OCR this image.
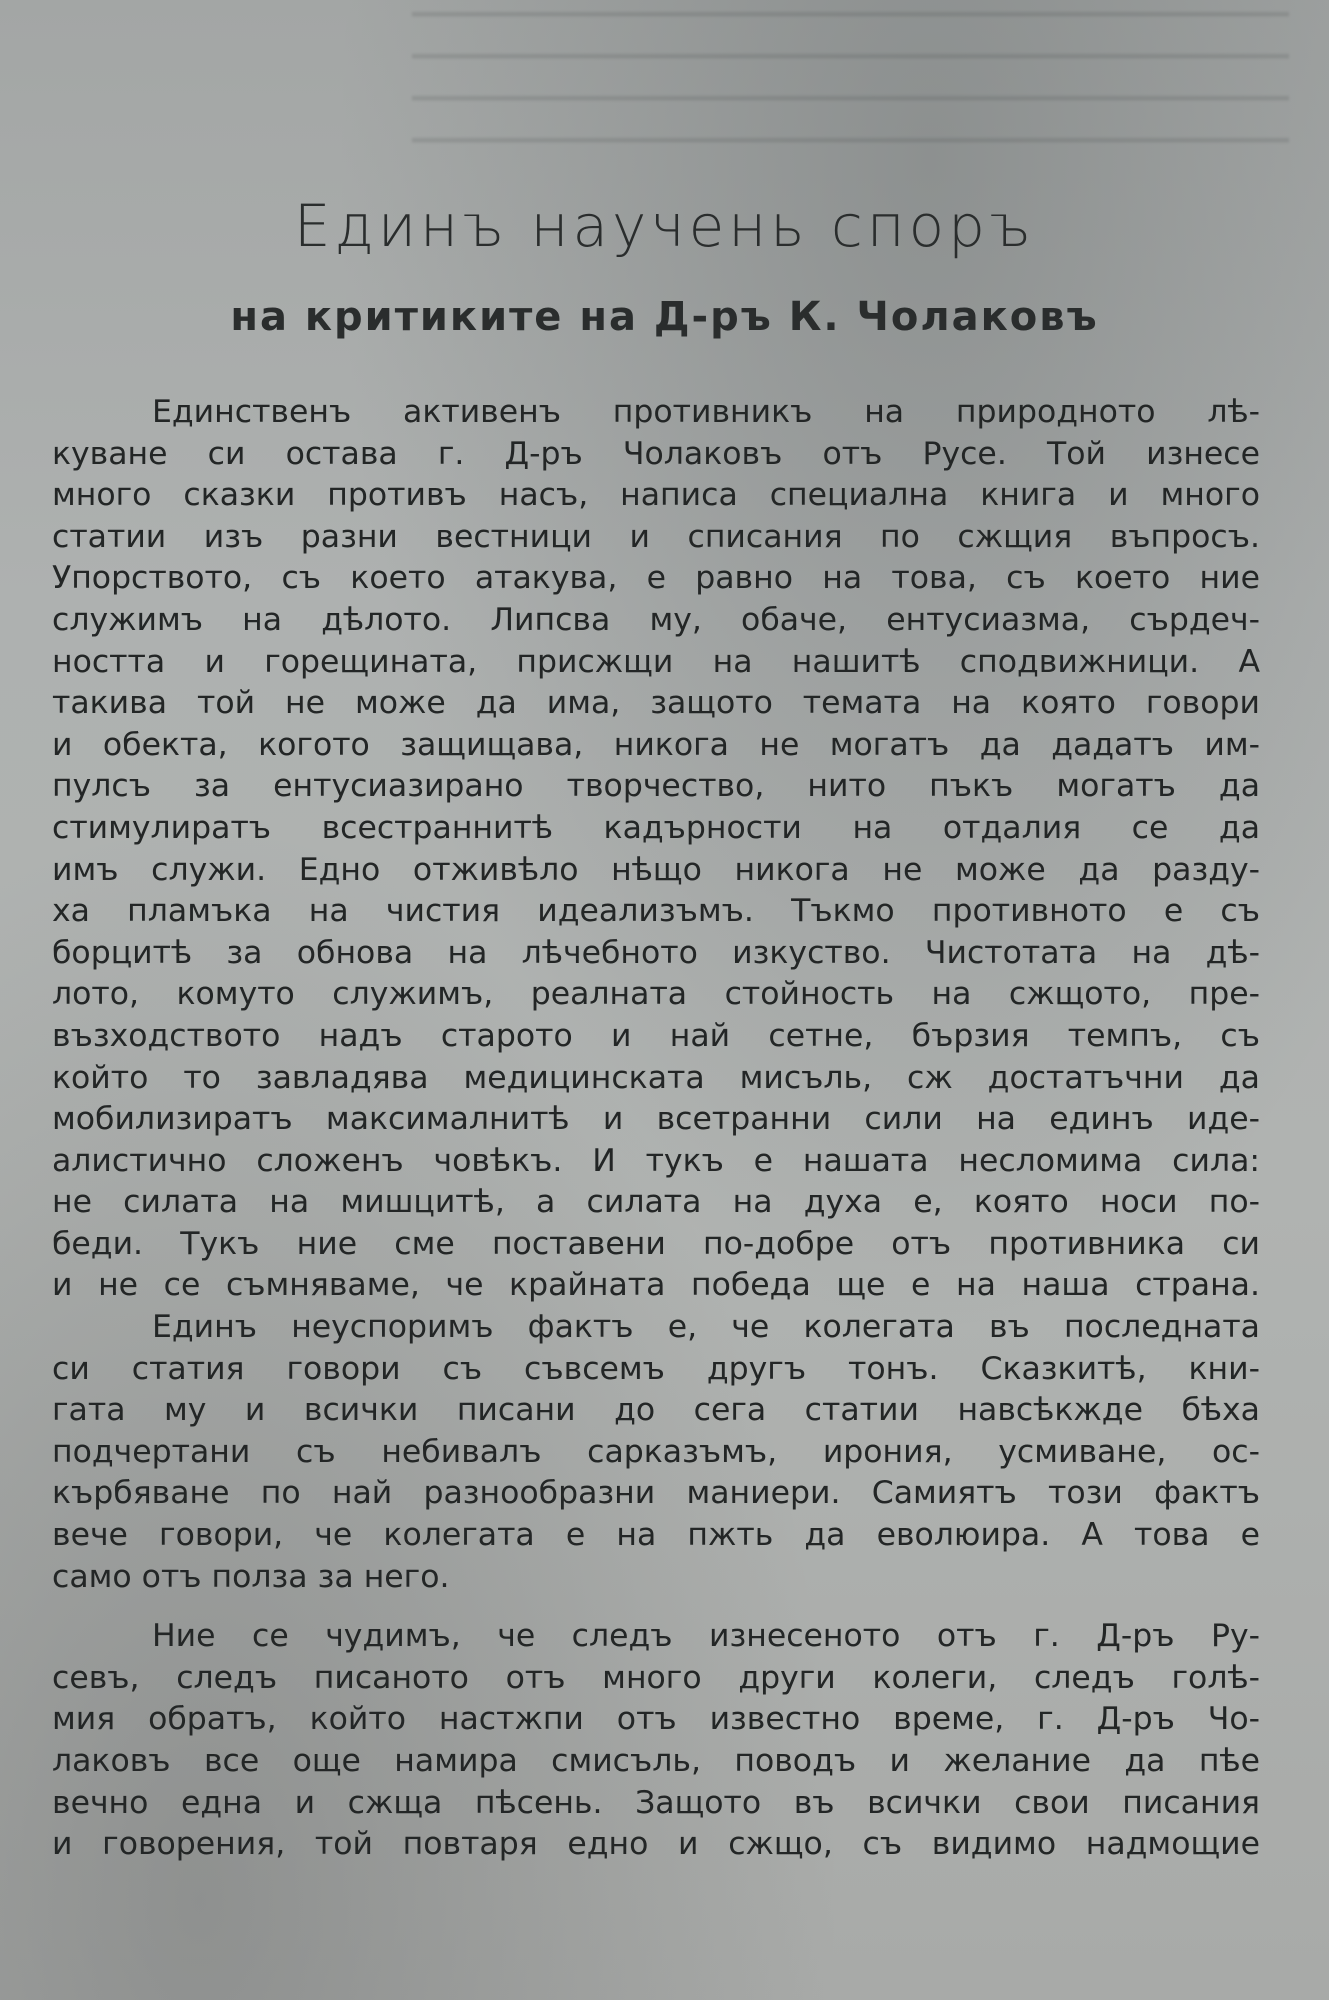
▔▔▔▔▔▔▔▔▔▔▔▔▔▔▔▔▔▔▔▔▔▔▔▔▔▔▔▔▔▔▔▔▔▔▔▔▔▔
▔▔▔▔▔▔▔▔▔▔▔▔▔▔▔▔▔▔▔▔▔▔▔▔▔▔▔▔▔▔▔▔▔▔▔▔▔▔
▔▔▔▔▔▔▔▔▔▔▔▔▔▔▔▔▔▔▔▔▔▔▔▔▔▔▔▔▔▔▔▔▔▔▔▔▔▔
▔▔▔▔▔▔▔▔▔▔▔▔▔▔▔▔▔▔▔▔▔▔▔▔▔▔▔▔▔▔▔▔▔▔▔▔▔▔
Единъ научень споръ
на критиките на Д-ръ К. Чолаковъ
Единственъ активенъ противникъ на природното лѣ-
куване си остава г. Д-ръ Чолаковъ отъ Русе. Той изнесе
много сказки противъ насъ, написа специална книга и много
статии изъ разни вестници и списания по сжщия въпросъ.
Упорството, съ което атакува, е равно на това, съ което ние
служимъ на дѣлото. Липсва му, обаче, ентусиазма, сърдеч-
ността и горещината, присжщи на нашитѣ сподвижници. А
такива той не може да има, защото темата на която говори
и обекта, когото защищава, никога не могатъ да дадатъ им-
пулсъ за ентусиазирано творчество, нито пъкъ могатъ да
стимулиратъ всестраннитѣ кадърности на отдалия се да
имъ служи. Едно отживѣло нѣщо никога не може да разду-
ха пламъка на чистия идеализъмъ. Тъкмо противното е съ
борцитѣ за обнова на лѣчебното изкуство. Чистотата на дѣ-
лото, комуто служимъ, реалната стойность на сжщото, пре-
възходството надъ старото и най сетне, бързия темпъ, съ
който то завладява медицинската мисъль, сж достатъчни да
мобилизиратъ максималнитѣ и всетранни сили на единъ иде-
алистично сложенъ човѣкъ. И тукъ е нашата несломима сила:
не силата на мишцитѣ, а силата на духа е, която носи по-
беди. Тукъ ние сме поставени по-добре отъ противника си
и не се съмняваме, че крайната победа ще е на наша страна.
Единъ неуспоримъ фактъ е, че колегата въ последната
си статия говори съ съвсемъ другъ тонъ. Сказкитѣ, кни-
гата му и всички писани до сега статии навсѣкжде бѣха
подчертани съ небивалъ сарказъмъ, ирония, усмиване, ос-
кърбяване по най разнообразни маниери. Самиятъ този фактъ
вече говори, че колегата е на пжть да еволюира. А това е
само отъ полза за него.
Ние се чудимъ, че следъ изнесеното отъ г. Д-ръ Ру-
севъ, следъ писаното отъ много други колеги, следъ голѣ-
мия обратъ, който настжпи отъ известно време, г. Д-ръ Чо-
лаковъ все още намира смисъль, поводъ и желание да пѣе
вечно една и сжща пѣсень. Защото въ всички свои писания
и говорения, той повтаря едно и сжщо, съ видимо надмощие
